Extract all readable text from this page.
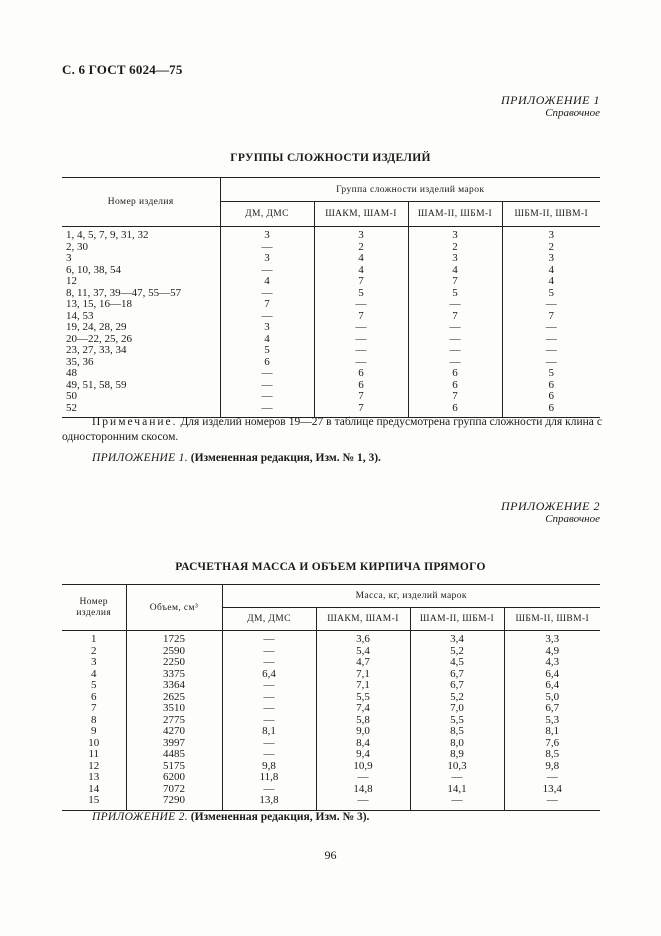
С. 6 ГОСТ 6024—75
ПРИЛОЖЕНИЕ 1
Справочное
ГРУППЫ СЛОЖНОСТИ ИЗДЕЛИЙ
Номер изделия	Группа сложности изделий марок			
	ДМ, ДМС	ШАКМ, ШАМ-I	ШАМ-II, ШБМ-I	ШБМ-II, ШВМ-I
1, 4, 5, 7, 9, 31, 32	3	3	3	3
2, 30	—	2	2	2
3	3	4	3	3
6, 10, 38, 54	—	4	4	4
12	4	7	7	4
8, 11, 37, 39—47, 55—57	—	5	5	5
13, 15, 16—18	7	—	—	—
14, 53	—	7	7	7
19, 24, 28, 29	3	—	—	—
20—22, 25, 26	4	—	—	—
23, 27, 33, 34	5	—	—	—
35, 36	6	—	—	—
48	—	6	6	5
49, 51, 58, 59	—	6	6	6
50	—	7	7	6
52	—	7	6	6
Примечание. Для изделий номеров 19—27 в таблице предусмотрена группа сложности для клина с односторонним скосом.
ПРИЛОЖЕНИЕ 1. (Измененная редакция, Изм. № 1, 3).
ПРИЛОЖЕНИЕ 2
Справочное
РАСЧЕТНАЯ МАССА И ОБЪЕМ КИРПИЧА ПРЯМОГО
Номер изделия	Объем, см³	Масса, кг, изделий марок			
		ДМ, ДМС	ШАКМ, ШАМ-I	ШАМ-II, ШБМ-I	ШБМ-II, ШВМ-I
1	1725	—	3,6	3,4	3,3
2	2590	—	5,4	5,2	4,9
3	2250	—	4,7	4,5	4,3
4	3375	6,4	7,1	6,7	6,4
5	3364	—	7,1	6,7	6,4
6	2625	—	5,5	5,2	5,0
7	3510	—	7,4	7,0	6,7
8	2775	—	5,8	5,5	5,3
9	4270	8,1	9,0	8,5	8,1
10	3997	—	8,4	8,0	7,6
11	4485	—	9,4	8,9	8,5
12	5175	9,8	10,9	10,3	9,8
13	6200	11,8	—	—	—
14	7072	—	14,8	14,1	13,4
15	7290	13,8	—	—	—
ПРИЛОЖЕНИЕ 2. (Измененная редакция, Изм. № 3).
96
